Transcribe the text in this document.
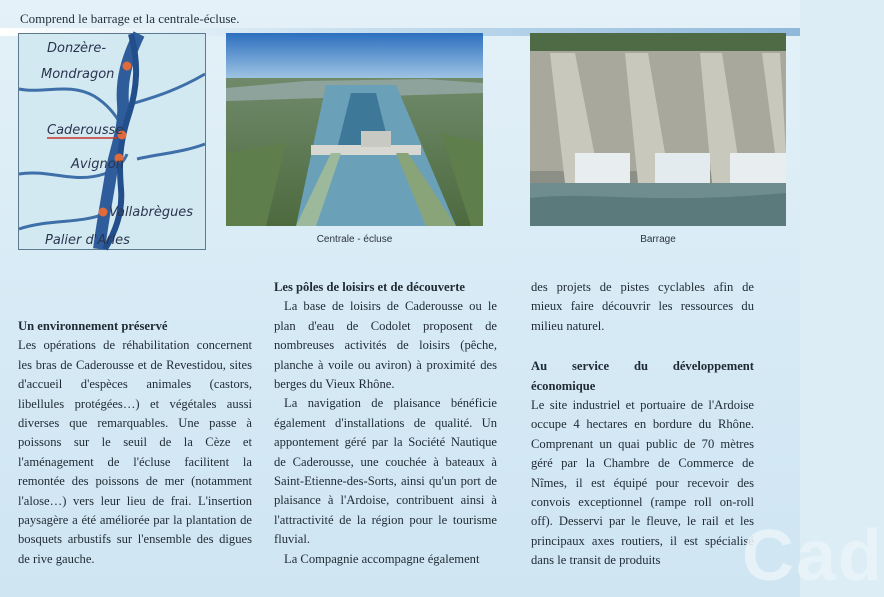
Comprend le barrage et la centrale-écluse.
Donzère-
Mondragon
Caderousse
Avignon
Vallabrègues
Palier d'Arles	Centrale - écluse	Barrage

Un environnement préservé

Les opérations de réhabilitation concernent les bras de Caderousse et de Revestidou, sites d'accueil d'espèces animales (castors, libellules protégées…) et végétales aussi diverses que remarquables. Une passe à poissons sur le seuil de la Cèze et l'aménagement de l'écluse facilitent la remontée des poissons de mer (notamment l'alose…) vers leur lieu de frai. L'insertion paysagère a été améliorée par la plantation de bosquets arbustifs sur l'ensemble des digues de rive gauche.

Les pôles de loisirs et de découverte

La base de loisirs de Caderousse ou le plan d'eau de Codolet proposent de nombreuses activités de loisirs (pêche, planche à voile ou aviron) à proximité des berges du Vieux Rhône.

La navigation de plaisance bénéficie également d'installations de qualité. Un appontement géré par la Société Nautique de Caderousse, une couchée à bateaux à Saint-Etienne-des-Sorts, ainsi qu'un port de plaisance à l'Ardoise, contribuent ainsi à l'attractivité de la région pour le tourisme fluvial.

La Compagnie accompagne également

des projets de pistes cyclables afin de mieux faire découvrir les ressources du milieu naturel.

Au service du développement économique

Le site industriel et portuaire de l'Ardoise occupe 4 hectares en bordure du Rhône. Comprenant un quai public de 70 mètres géré par la Chambre de Commerce de Nîmes, il est équipé pour recevoir des convois exceptionnel (rampe roll on-roll off). Desservi par le fleuve, le rail et les principaux axes routiers, il est spécialisé dans le transit de produits	Cad
